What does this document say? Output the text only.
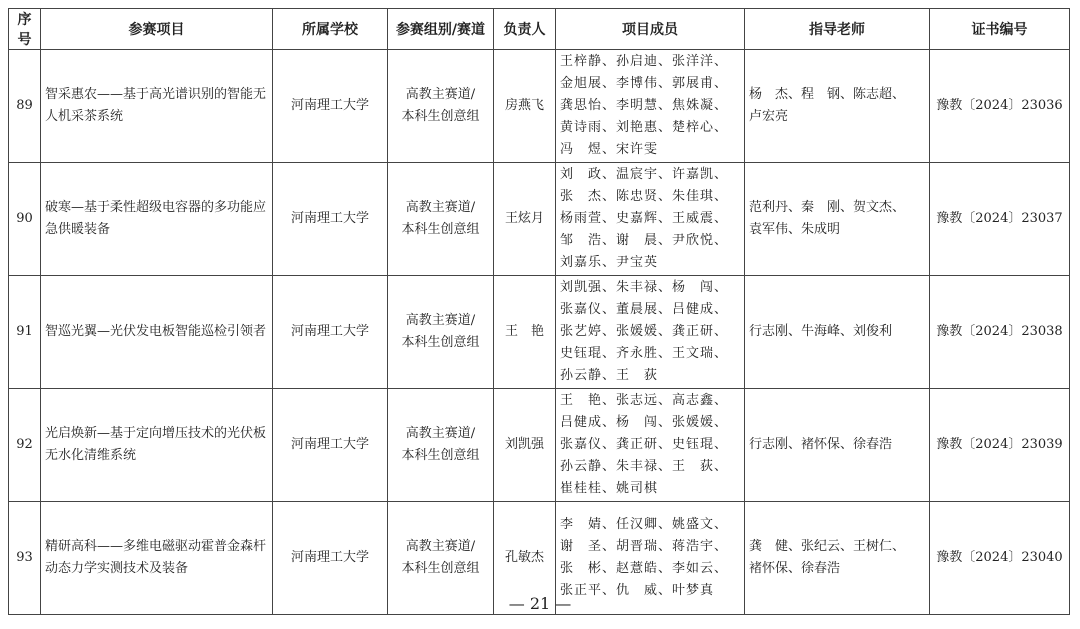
序号	参赛项目	所属学校	参赛组别/赛道	负责人	项目成员	指导老师	证书编号
89	智采惠农——基于高光谱识别的智能无人机采茶系统	河南理工大学	高教主赛道/
本科生创意组	房燕飞	王梓静、孙启迪、张洋洋、
金旭展、李博伟、郭展甫、
龚思怡、李明慧、焦姝凝、
黄诗雨、刘艳惠、楚梓心、
冯　煜、宋许雯	杨　杰、程　钢、陈志超、
卢宏亮	豫教〔2024〕23036
90	破寒—基于柔性超级电容器的多功能应急供暖装备	河南理工大学	高教主赛道/
本科生创意组	王炫月	刘　政、温宸宇、许嘉凯、
张　杰、陈忠贤、朱佳琪、
杨雨萱、史嘉辉、王威震、
邹　浩、谢　晨、尹欣悦、
刘嘉乐、尹宝英	范利丹、秦　刚、贺文杰、
袁军伟、朱成明	豫教〔2024〕23037
91	智巡光翼—光伏发电板智能巡检引领者	河南理工大学	高教主赛道/
本科生创意组	王　艳	刘凯强、朱丰禄、杨　闯、
张嘉仪、董晨展、吕健成、
张艺婷、张媛媛、龚正研、
史钰琨、齐永胜、王文瑞、
孙云静、王　荻	行志刚、牛海峰、刘俊利	豫教〔2024〕23038
92	光启焕新—基于定向增压技术的光伏板无水化清维系统	河南理工大学	高教主赛道/
本科生创意组	刘凯强	王　艳、张志远、高志鑫、
吕健成、杨　闯、张媛媛、
张嘉仪、龚正研、史钰琨、
孙云静、朱丰禄、王　荻、
崔桂桂、姚司棋	行志刚、褚怀保、徐春浩	豫教〔2024〕23039
93	精研高科——多维电磁驱动霍普金森杆动态力学实测技术及装备	河南理工大学	高教主赛道/
本科生创意组	孔敏杰	李　婧、任汉卿、姚盛文、
谢　圣、胡晋瑞、蒋浩宇、
张　彬、赵薏皓、李如云、
张正平、仇　威、叶梦真	龚　健、张纪云、王树仁、
褚怀保、徐春浩	豫教〔2024〕23040
— 21 —
